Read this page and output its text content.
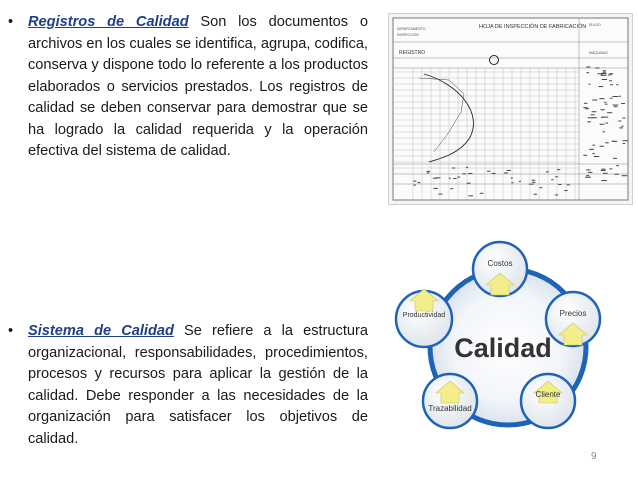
• Registros de Calidad Son los documentos o archivos en los cuales se identifica, agrupa, codifica, conserva y dispone todo lo referente a los productos elaborados o servicios prestados. Los registros de calidad se deben conservar para demostrar que se ha logrado la calidad requerida y la operación efectiva del sistema de calidad.
HOJA DE INSPECCIÓN DE FABRICACIÓN
REGISTRO
DEPARTAMENTO
INSPECCIÓN
ELIGIO
MÁQUINAS
Calidad
Costos
Precios
Cliente
Trazabilidad
Productividad
• Sistema de Calidad Se refiere a la estructura organizacional, responsabilidades, procedimientos, procesos y recursos para aplicar la gestión de la calidad. Debe responder a las necesidades de la organización para satisfacer los objetivos de calidad.
9
